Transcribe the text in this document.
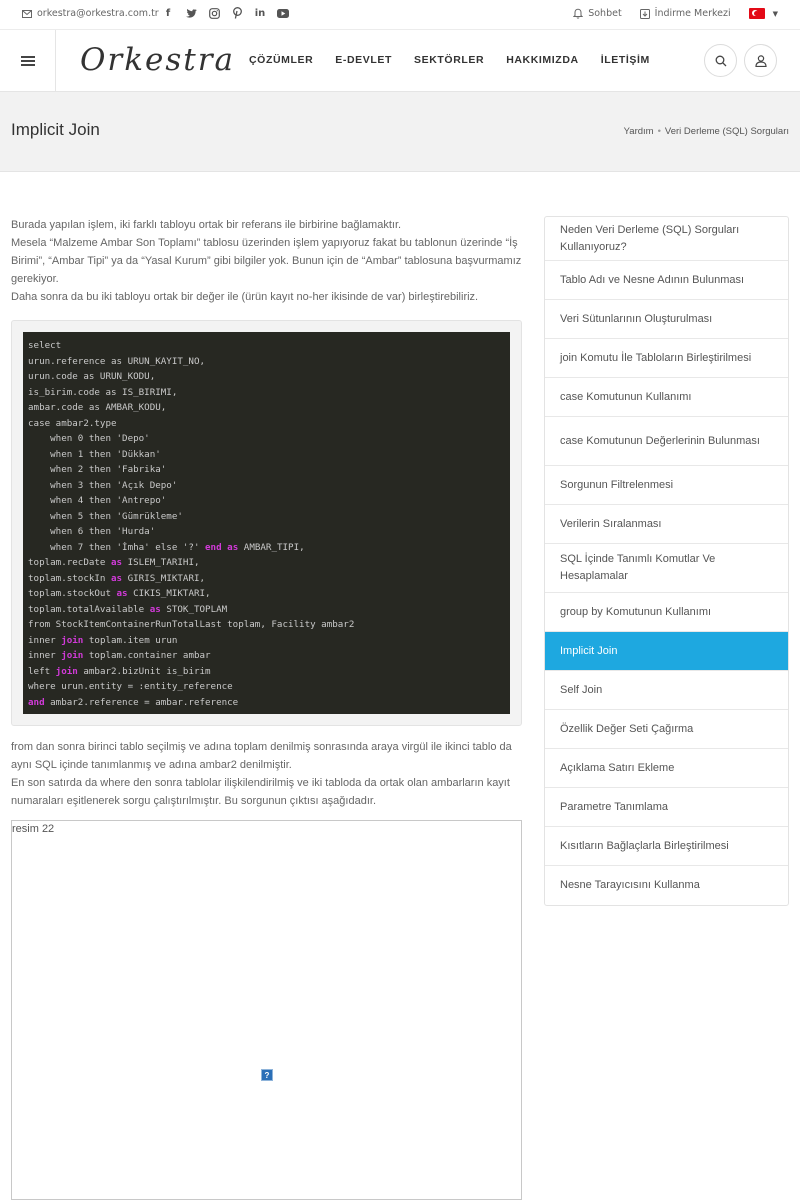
orkestra@orkestra.com.tr f	in	Sohbet	İndirme Merkezi	▼
Orkestra ÇÖZÜMLER E-DEVLET SEKTÖRLER HAKKIMIZDA İLETİŞİM
Implicit Join	Yardım • Veri Derleme (SQL) Sorguları
Burada yapılan işlem, iki farklı tabloyu ortak bir referans ile birbirine bağlamaktır.
Mesela “Malzeme Ambar Son Toplamı” tablosu üzerinden işlem yapıyoruz fakat bu tablonun üzerinde “İş Birimi”, “Ambar Tipi” ya da “Yasal Kurum” gibi bilgiler yok. Bunun için de “Ambar” tablosuna başvurmamız gerekiyor.
Daha sonra da bu iki tabloyu ortak bir değer ile (ürün kayıt no-her ikisinde de var) birleştirebiliriz.
select
urun.reference as URUN_KAYIT_NO,
urun.code as URUN_KODU,
is_birim.code as IS_BIRIMI,
ambar.code as AMBAR_KODU,
case ambar2.type
when 0 then 'Depo'
when 1 then 'Dükkan'
when 2 then 'Fabrika'
when 3 then 'Açık Depo'
when 4 then 'Antrepo'
when 5 then 'Gümrükleme'
when 6 then 'Hurda'
when 7 then 'İmha' else '?' end as AMBAR_TIPI,
toplam.recDate as ISLEM_TARIHI,
toplam.stockIn as GIRIS_MIKTARI,
toplam.stockOut as CIKIS_MIKTARI,
toplam.totalAvailable as STOK_TOPLAM
from StockItemContainerRunTotalLast toplam, Facility ambar2
inner join toplam.item urun
inner join toplam.container ambar
left join ambar2.bizUnit is_birim
where urun.entity = :entity_reference
and ambar2.reference = ambar.reference
from dan sonra birinci tablo seçilmiş ve adına toplam denilmiş sonrasında araya virgül ile ikinci tablo da aynı SQL içinde tanımlanmış ve adına ambar2 denilmiştir.
En son satırda da where den sonra tablolar ilişkilendirilmiş ve iki tabloda da ortak olan ambarların kayıt numaraları eşitlenerek sorgu çalıştırılmıştır. Bu sorgunun çıktısı aşağıdadır.
resim 22
?
Neden Veri Derleme (SQL) Sorguları Kullanıyoruz?
Tablo Adı ve Nesne Adının Bulunması
Veri Sütunlarının Oluşturulması
join Komutu İle Tabloların Birleştirilmesi
case Komutunun Kullanımı
case Komutunun Değerlerinin Bulunması
Sorgunun Filtrelenmesi
Verilerin Sıralanması
SQL İçinde Tanımlı Komutlar Ve Hesaplamalar
group by Komutunun Kullanımı
Implicit Join
Self Join
Özellik Değer Seti Çağırma
Açıklama Satırı Ekleme
Parametre Tanımlama
Kısıtların Bağlaçlarla Birleştirilmesi
Nesne Tarayıcısını Kullanma
